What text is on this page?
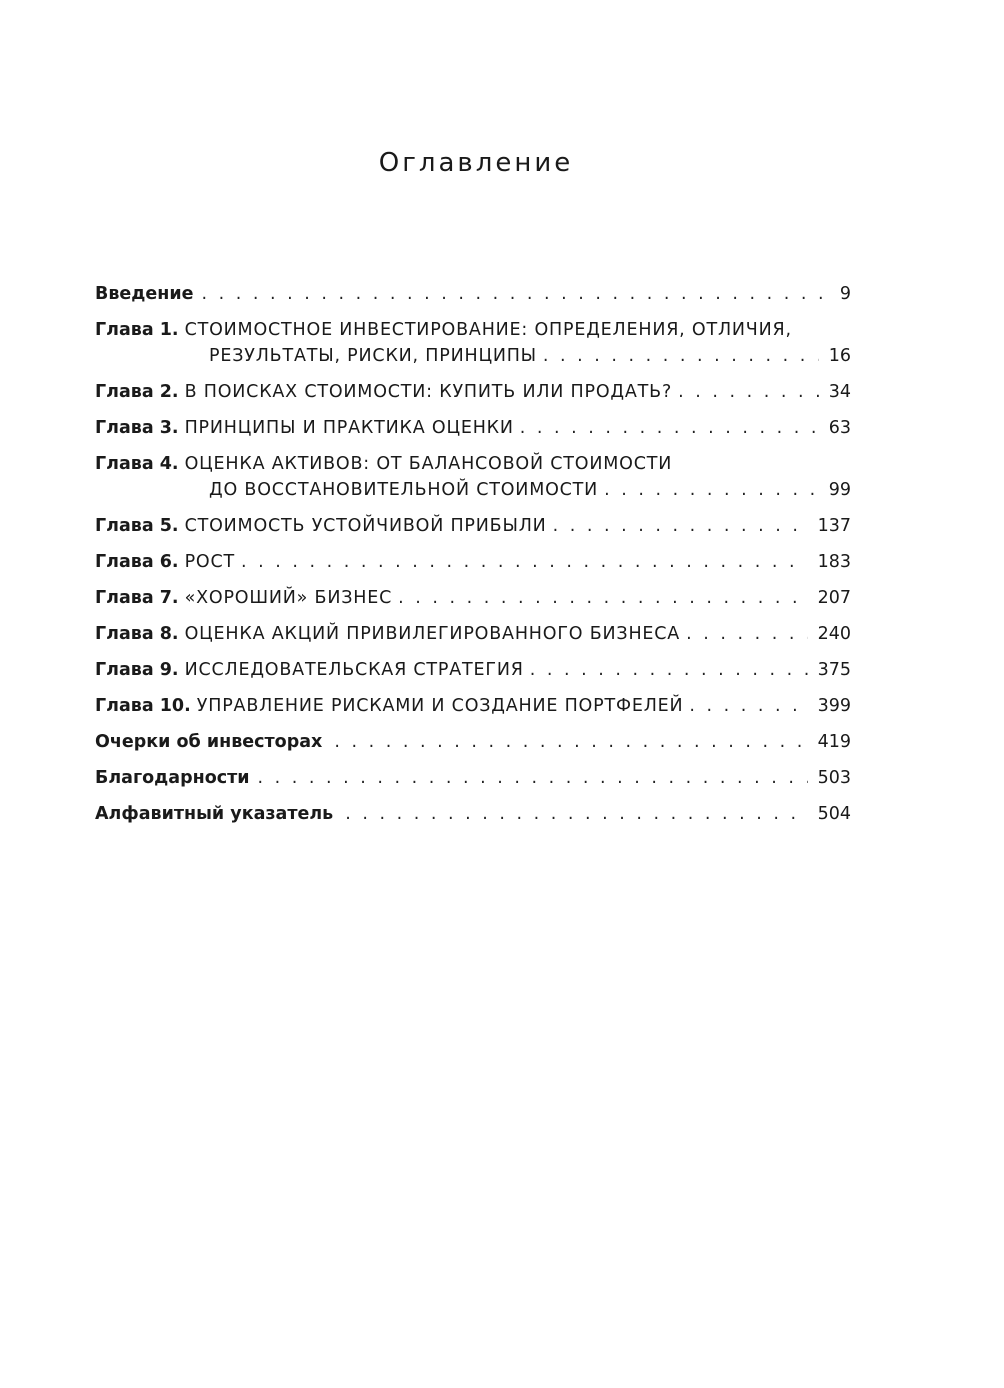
Оглавление
Введение . . .	9
Глава 1. СТОИМОСТНОЕ ИНВЕСТИРОВАНИЕ: ОПРЕДЕЛЕНИЯ, ОТЛИЧИЯ,
РЕЗУЛЬТАТЫ, РИСКИ, ПРИНЦИПЫ . . .	16
Глава 2. В ПОИСКАХ СТОИМОСТИ: КУПИТЬ ИЛИ ПРОДАТЬ? . . .	34
Глава 3. ПРИНЦИПЫ И ПРАКТИКА ОЦЕНКИ . . .	63
Глава 4. ОЦЕНКА АКТИВОВ: ОТ БАЛАНСОВОЙ СТОИМОСТИ
ДО ВОССТАНОВИТЕЛЬНОЙ СТОИМОСТИ . . .	99
Глава 5. СТОИМОСТЬ УСТОЙЧИВОЙ ПРИБЫЛИ . . .	137
Глава 6. РОСТ . . .	183
Глава 7. «ХОРОШИЙ» БИЗНЕС . . .	207
Глава 8. ОЦЕНКА АКЦИЙ ПРИВИЛЕГИРОВАННОГО БИЗНЕСА . . .	240
Глава 9. ИССЛЕДОВАТЕЛЬСКАЯ СТРАТЕГИЯ . . .	375
Глава 10. УПРАВЛЕНИЕ РИСКАМИ И СОЗДАНИЕ ПОРТФЕЛЕЙ . . .	399
Очерки об инвесторах . . .	419
Благодарности . . .	503
Алфавитный указатель . . .	504
